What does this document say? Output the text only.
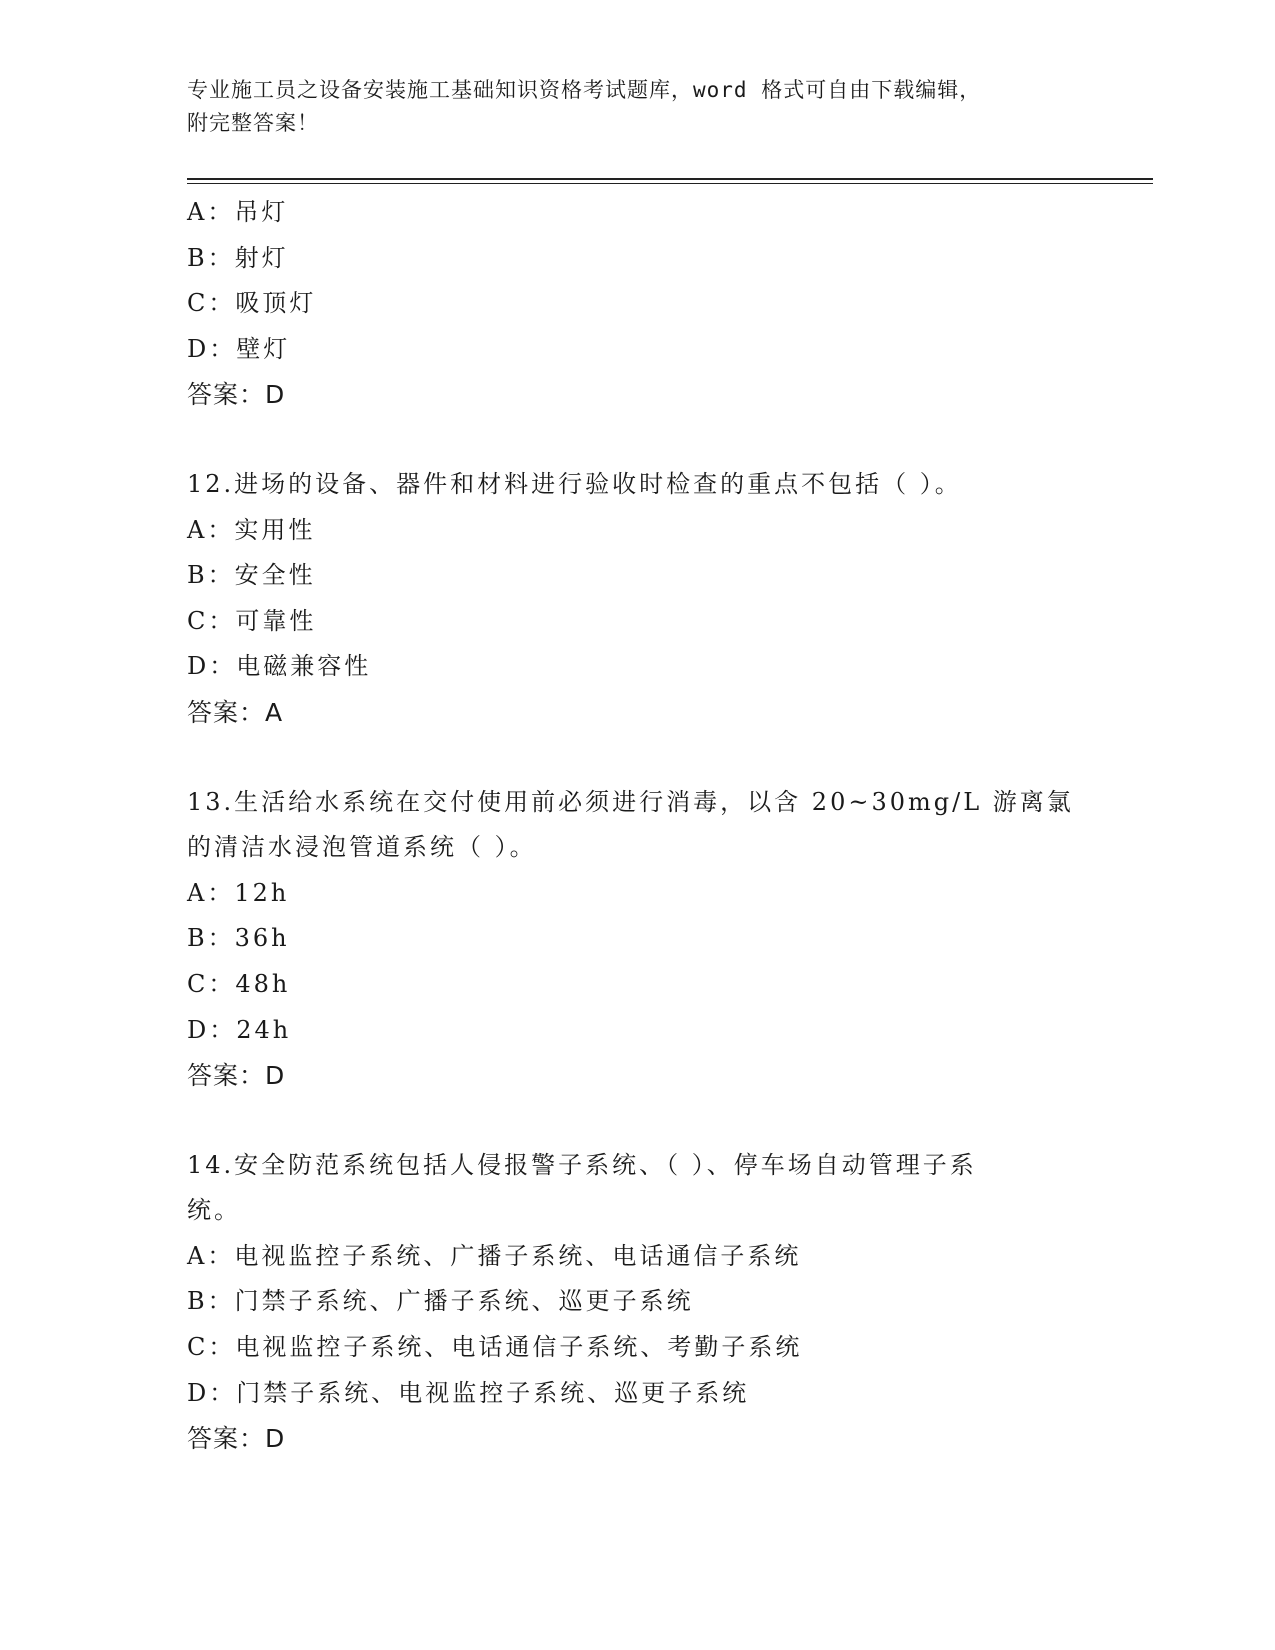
专业施工员之设备安装施工基础知识资格考试题库，word 格式可自由下载编辑，
附完整答案！
A：吊灯
B：射灯
C：吸顶灯
D：壁灯
答案：D
12.进场的设备、器件和材料进行验收时检查的重点不包括（ ）。
A：实用性
B：安全性
C：可靠性
D：电磁兼容性
答案：A
13.生活给水系统在交付使用前必须进行消毒，以含 20~30mg/L 游离氯
的清洁水浸泡管道系统（ ）。
A：12h
B：36h
C：48h
D：24h
答案：D
14.安全防范系统包括人侵报警子系统、（ ）、停车场自动管理子系
统。
A：电视监控子系统、广播子系统、电话通信子系统
B：门禁子系统、广播子系统、巡更子系统
C：电视监控子系统、电话通信子系统、考勤子系统
D：门禁子系统、电视监控子系统、巡更子系统
答案：D
